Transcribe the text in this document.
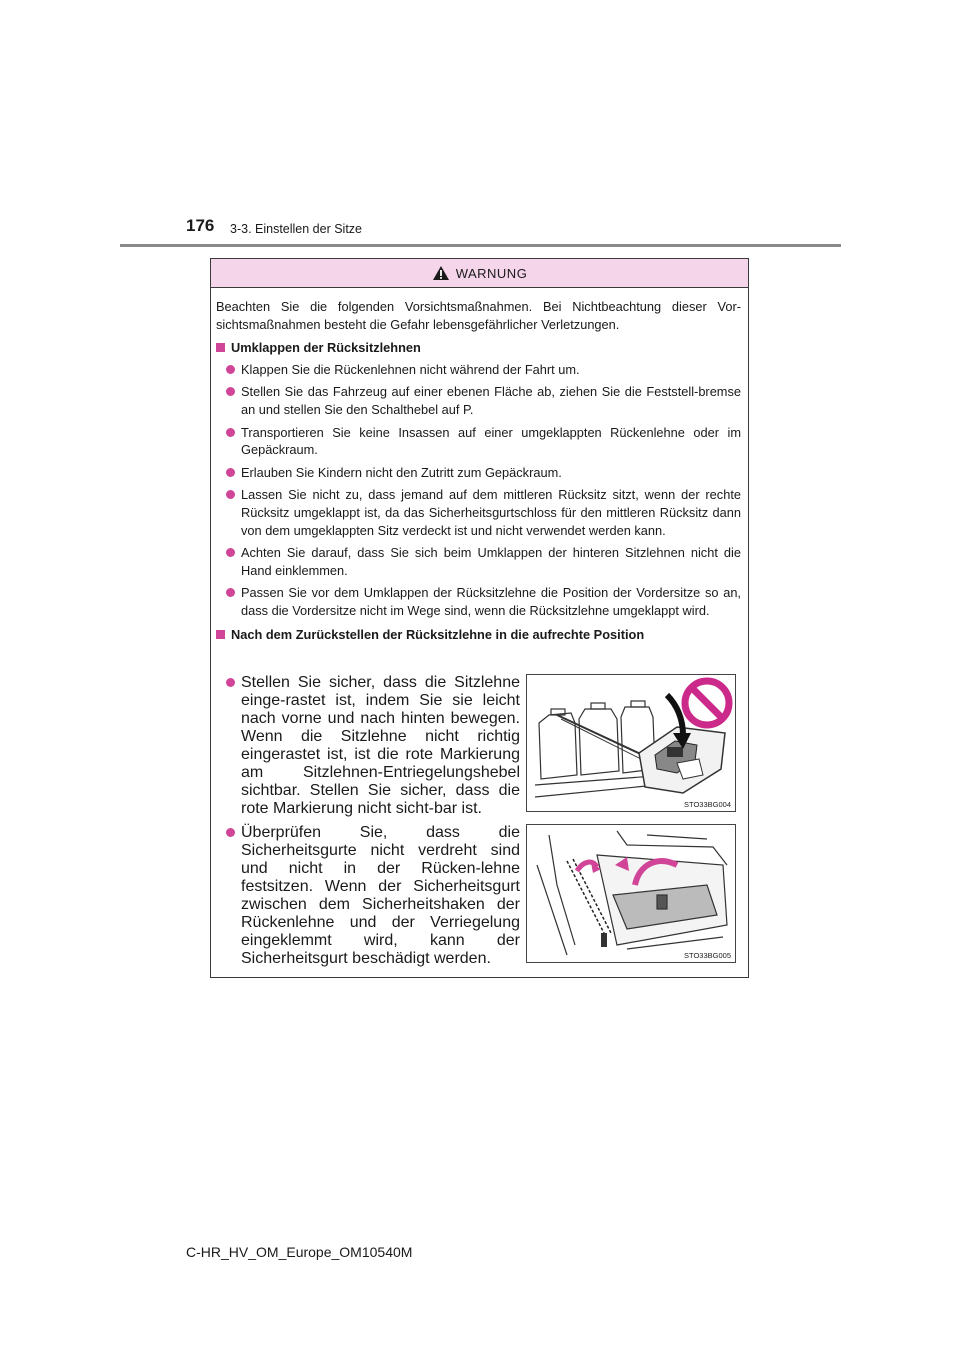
176 3-3. Einstellen der Sitze
WARNUNG

Beachten Sie die folgenden Vorsichtsmaßnahmen. Bei Nichtbeachtung dieser Vor-sichtsmaßnahmen besteht die Gefahr lebensgefährlicher Verletzungen.

Umklappen der Rücksitzlehnen
Klappen Sie die Rückenlehnen nicht während der Fahrt um.
Stellen Sie das Fahrzeug auf einer ebenen Fläche ab, ziehen Sie die Feststell-bremse an und stellen Sie den Schalthebel auf P.
Transportieren Sie keine Insassen auf einer umgeklappten Rückenlehne oder im Gepäckraum.
Erlauben Sie Kindern nicht den Zutritt zum Gepäckraum.
Lassen Sie nicht zu, dass jemand auf dem mittleren Rücksitz sitzt, wenn der rechte Rücksitz umgeklappt ist, da das Sicherheitsgurtschloss für den mittleren Rücksitz dann von dem umgeklappten Sitz verdeckt ist und nicht verwendet werden kann.
Achten Sie darauf, dass Sie sich beim Umklappen der hinteren Sitzlehnen nicht die Hand einklemmen.
Passen Sie vor dem Umklappen der Rücksitzlehne die Position der Vordersitze so an, dass die Vordersitze nicht im Wege sind, wenn die Rücksitzlehne umgeklappt wird.
Nach dem Zurückstellen der Rücksitzlehne in die aufrechte Position
Stellen Sie sicher, dass die Sitzlehne einge-rastet ist, indem Sie sie leicht nach vorne und nach hinten bewegen. Wenn die Sitzlehne nicht richtig eingerastet ist, ist die rote Markierung am Sitzlehnen-Entriegelungshebel sichtbar. Stellen Sie sicher, dass die rote Markierung nicht sicht-bar ist.	STO33BG004
Überprüfen Sie, dass die Sicherheitsgurte nicht verdreht sind und nicht in der Rücken-lehne festsitzen. Wenn der Sicherheitsgurt zwischen dem Sicherheitshaken der Rückenlehne und der Verriegelung eingeklemmt wird, kann der Sicherheitsgurt beschädigt werden.	STO33BG005
C-HR_HV_OM_Europe_OM10540M
